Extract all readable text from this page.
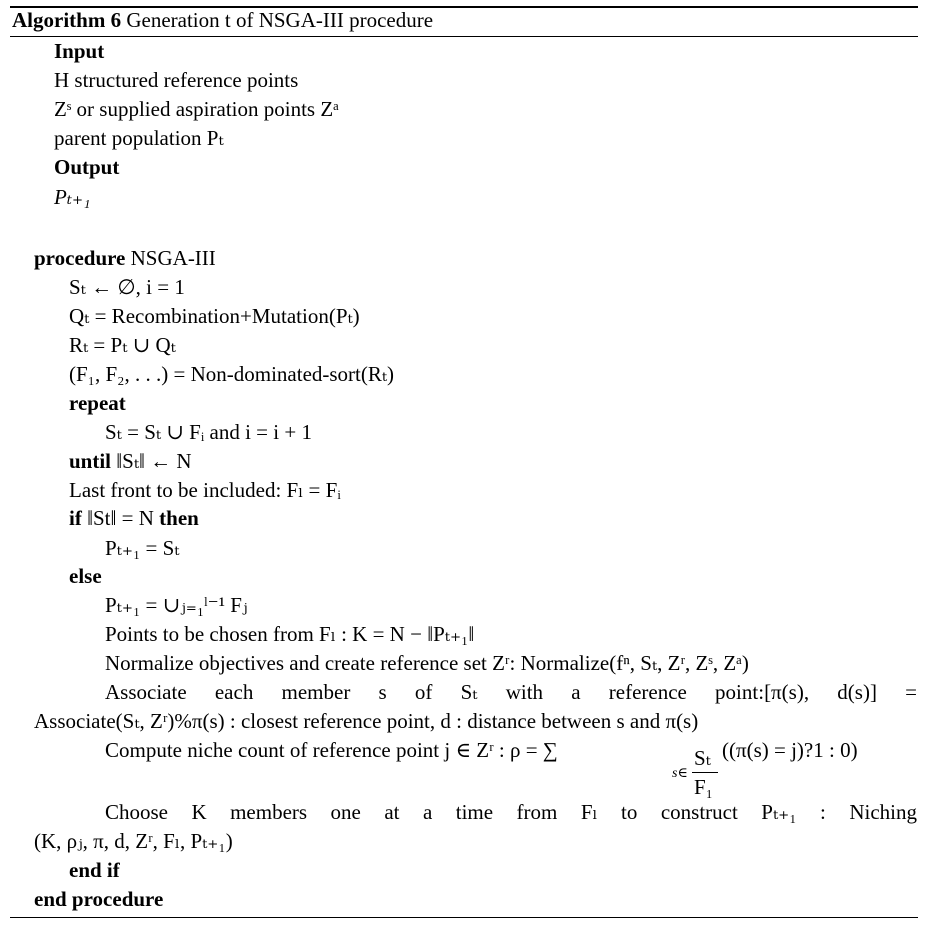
Algorithm 6 Generation t of NSGA-III procedure
Input
H structured reference points
Zˢ or supplied aspiration points Zᵃ
parent population Pₜ
Output
Pₜ₊₁
procedure NSGA-III
Sₜ ← ∅, i = 1
Qₜ = Recombination+Mutation(Pₜ)
Rₜ = Pₜ ∪ Qₜ
(F₁, F₂, . . .) = Non-dominated-sort(Rₜ)
repeat
Sₜ = Sₜ ∪ Fᵢ and i = i + 1
until ‖Sₜ‖ ← N
Last front to be included: Fₗ = Fᵢ
if ‖St‖ = N then
Pₜ₊₁ = Sₜ
else
Pₜ₊₁ = ∪ⱼ₌₁ˡ⁻¹ Fⱼ
Points to be chosen from Fₗ : K = N − ‖Pₜ₊₁‖
Normalize objectives and create reference set Zʳ: Normalize(fⁿ, Sₜ, Zʳ, Zˢ, Zᵃ)
Associate each member s of Sₜ with a reference point:[π(s), d(s)] =
Associate(Sₜ, Zʳ)%π(s) : closest reference point, d : distance between s and π(s)
Compute niche count of reference point j ∈ Zʳ : ρ = ∑
s∈
Sₜ
F₁
((π(s) = j)?1 : 0)
Choose K members one at a time from Fₗ to construct Pₜ₊₁ : Niching
(K, ρⱼ, π, d, Zʳ, Fₗ, Pₜ₊₁)
end if
end procedure
